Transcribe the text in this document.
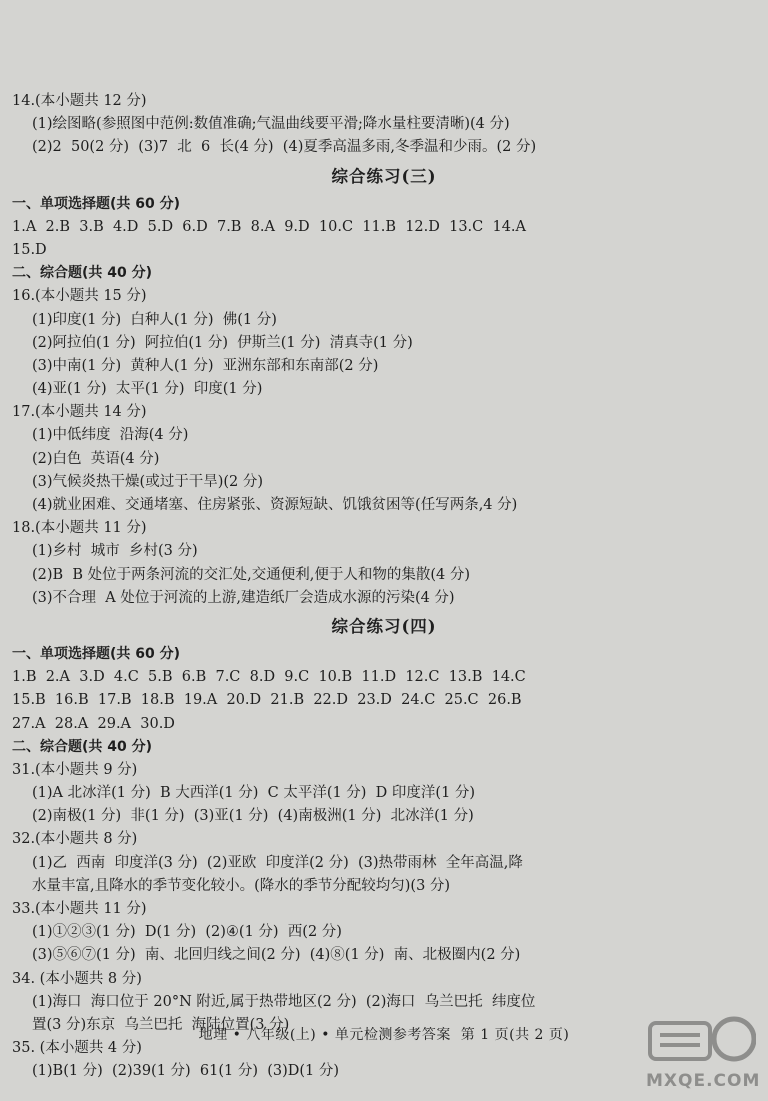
14.(本小题共 12 分)
(1)绘图略(参照图中范例:数值准确;气温曲线要平滑;降水量柱要清晰)(4 分)
(2)2  50(2 分)  (3)7  北  6  长(4 分)  (4)夏季高温多雨,冬季温和少雨。(2 分)
综合练习(三)
一、单项选择题(共 60 分)
1.A  2.B  3.B  4.D  5.D  6.D  7.B  8.A  9.D  10.C  11.B  12.D  13.C  14.A
15.D
二、综合题(共 40 分)
16.(本小题共 15 分)
(1)印度(1 分)  白种人(1 分)  佛(1 分)
(2)阿拉伯(1 分)  阿拉伯(1 分)  伊斯兰(1 分)  清真寺(1 分)
(3)中南(1 分)  黄种人(1 分)  亚洲东部和东南部(2 分)
(4)亚(1 分)  太平(1 分)  印度(1 分)
17.(本小题共 14 分)
(1)中低纬度  沿海(4 分)
(2)白色  英语(4 分)
(3)气候炎热干燥(或过于干旱)(2 分)
(4)就业困难、交通堵塞、住房紧张、资源短缺、饥饿贫困等(任写两条,4 分)
18.(本小题共 11 分)
(1)乡村  城市  乡村(3 分)
(2)B  B 处位于两条河流的交汇处,交通便利,便于人和物的集散(4 分)
(3)不合理  A 处位于河流的上游,建造纸厂会造成水源的污染(4 分)
综合练习(四)
一、单项选择题(共 60 分)
1.B  2.A  3.D  4.C  5.B  6.B  7.C  8.D  9.C  10.B  11.D  12.C  13.B  14.C
15.B  16.B  17.B  18.B  19.A  20.D  21.B  22.D  23.D  24.C  25.C  26.B
27.A  28.A  29.A  30.D
二、综合题(共 40 分)
31.(本小题共 9 分)
(1)A 北冰洋(1 分)  B 大西洋(1 分)  C 太平洋(1 分)  D 印度洋(1 分)
(2)南极(1 分)  非(1 分)  (3)亚(1 分)  (4)南极洲(1 分)  北冰洋(1 分)
32.(本小题共 8 分)
(1)乙  西南  印度洋(3 分)  (2)亚欧  印度洋(2 分)  (3)热带雨林  全年高温,降
水量丰富,且降水的季节变化较小。(降水的季节分配较均匀)(3 分)
33.(本小题共 11 分)
(1)①②③(1 分)  D(1 分)  (2)④(1 分)  西(2 分)
(3)⑤⑥⑦(1 分)  南、北回归线之间(2 分)  (4)⑧(1 分)  南、北极圈内(2 分)
34. (本小题共 8 分)
(1)海口  海口位于 20°N 附近,属于热带地区(2 分)  (2)海口  乌兰巴托  纬度位
置(3 分)东京  乌兰巴托  海陆位置(3 分)
35. (本小题共 4 分)
(1)B(1 分)  (2)39(1 分)  61(1 分)  (3)D(1 分)
地理 • 八年级(上) • 单元检测参考答案  第 1 页(共 2 页)
MXQE.COM
